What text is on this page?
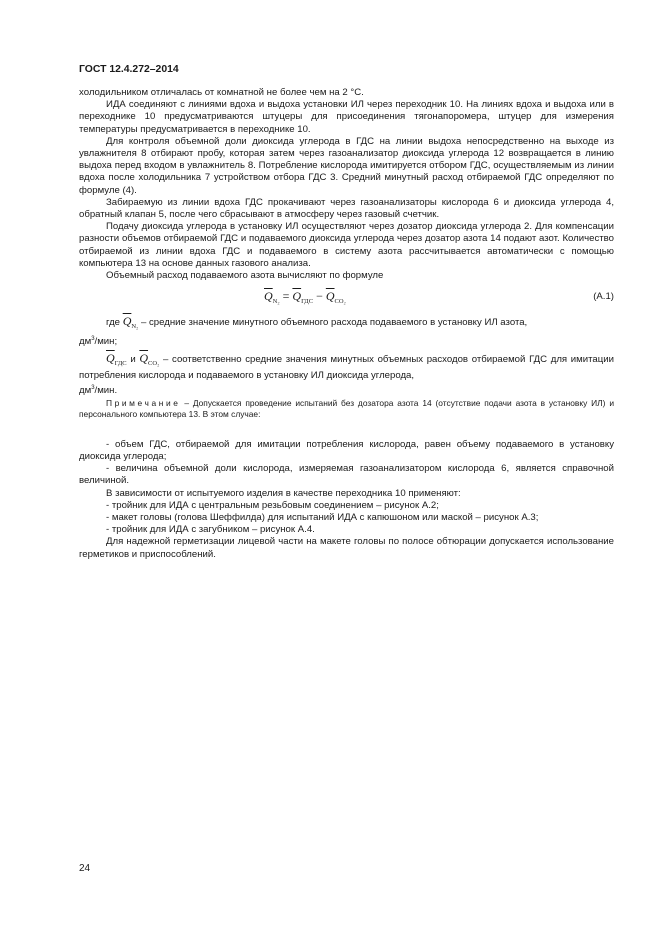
ГОСТ 12.4.272–2014

холодильником отличалась от комнатной не более чем на 2 °С.

ИДА соединяют с линиями вдоха и выдоха установки ИЛ через переходник 10. На линиях вдоха и выдоха или в переходнике 10 предусматриваются штуцеры для присоединения тягонапоромера, штуцер для измерения температуры предусматривается в переходнике 10.

Для контроля объемной доли диоксида углерода в ГДС на линии выдоха непосредственно на выходе из увлажнителя 8 отбирают пробу, которая затем через газоанализатор диоксида углерода 12 возвращается в линию выдоха перед входом в увлажнитель 8. Потребление кислорода имитируется отбором ГДС, осуществляемым из линии вдоха после холодильника 7 устройством отбора ГДС 3. Средний минутный расход отбираемой ГДС определяют по формуле (4).

Забираемую из линии вдоха ГДС прокачивают через газоанализаторы кислорода 6 и диоксида углерода 4, обратный клапан 5, после чего сбрасывают в атмосферу через газовый счетчик.

Подачу диоксида углерода в установку ИЛ осуществляют через дозатор диоксида углерода 2. Для компенсации разности объемов отбираемой ГДС и подаваемого диоксида углерода через дозатор азота 14 подают азот. Количество отбираемой из линии вдоха ГДС и подаваемого в систему азота рассчитывается автоматически с помощью компьютера 13 на основе данных газового анализа.

Объемный расход подаваемого азота вычисляют по формуле

$\overline{Q}_{N_2} = \overline{Q}_{ГДС} - \overline{Q}_{CO_2}$	(А.1)

где $\overline{Q}_{N_2}$ – средние значение минутного объемного расхода подаваемого в установку ИЛ азота,

$дм^3$/мин;

$\overline{Q}_{ГДС}$ и $\overline{Q}_{CO_2}$ – соответственно средние значения минутных объемных расходов отбираемой ГДС для имитации потребления кислорода и подаваемого в установку ИЛ диоксида углерода,

$дм^3$/мин.

Примечание – Допускается проведение испытаний без дозатора азота 14 (отсутствие подачи азота в установку ИЛ) и персонального компьютера 13. В этом случае:

- объем ГДС, отбираемой для имитации потребления кислорода, равен объему подаваемого в установку диоксида углерода;

- величина объемной доли кислорода, измеряемая газоанализатором кислорода 6, является справочной величиной.

В зависимости от испытуемого изделия в качестве переходника 10 применяют:

- тройник для ИДА с центральным резьбовым соединением – рисунок А.2;

- макет головы (голова Шеффилда) для испытаний ИДА с капюшоном или маской – рисунок А.3;

- тройник для ИДА с загубником – рисунок А.4.

Для надежной герметизации лицевой части на макете головы по полосе обтюрации допускается использование герметиков и приспособлений.

24
